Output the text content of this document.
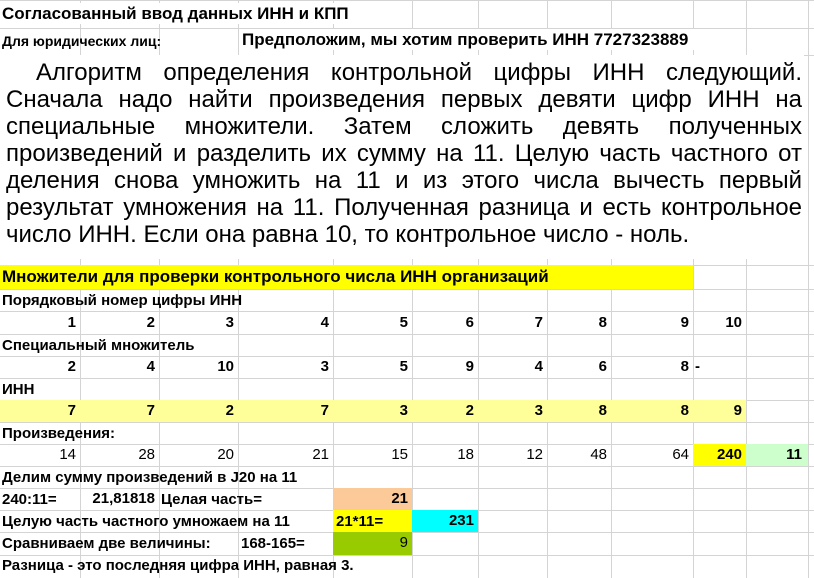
Согласованный ввод данных ИНН и КПП
Для юридических лиц:	Предположим, мы хотим проверить ИНН 7727323889
Алгоритм определения контрольной цифры ИНН следующий.
Сначала надо найти произведения первых девяти цифр ИНН на
специальные множители. Затем сложить девять полученных
произведений и разделить их сумму на 11. Целую часть частного от
деления снова умножить на 11 и из этого числа вычесть первый
результат умножения на 11. Полученная разница и есть контрольное
число ИНН. Если она равна 10, то контрольное число - ноль.
Множители для проверки контрольного числа ИНН организаций
Порядковый номер цифры ИНН
1	2	3	4	5	6	7	8	9	10
Специальный множитель
2	4	10	3	5	9	4	6	8 -
ИНН
7	7	2	7	3	2	3	8	8	9
Произведения:
14	28	20	21	15	18	12	48	64	240	11
Делим сумму произведений в J20 на 11
240:11=	21,81818 Целая часть=	21
Целую часть частного умножаем на 11	21*11=	231
Сравниваем две величины: 168-165=	9
Разница - это последняя цифра ИНН, равная 3.
